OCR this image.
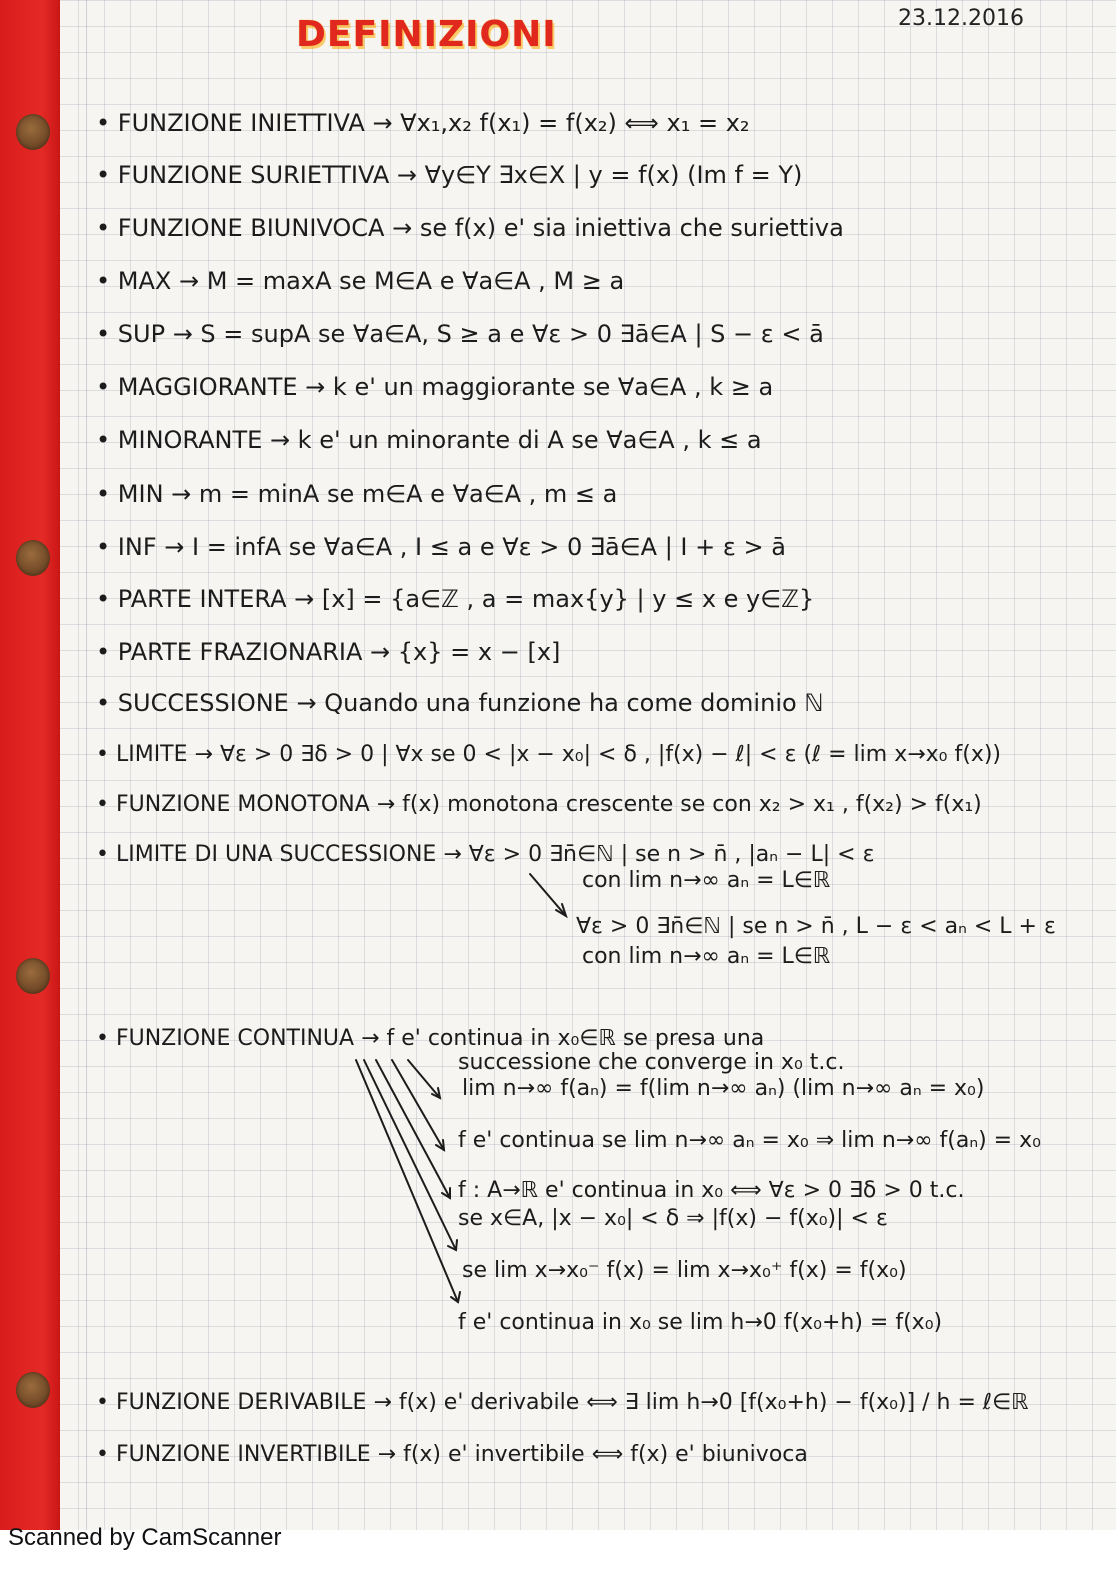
DEFINIZIONI	23.12.2016
• FUNZIONE INIETTIVA → ∀x₁,x₂ f(x₁) = f(x₂) ⟺ x₁ = x₂
• FUNZIONE SURIETTIVA → ∀y∈Y ∃x∈X | y = f(x) (Im f = Y)
• FUNZIONE BIUNIVOCA → se f(x) e' sia iniettiva che suriettiva
• MAX → M = maxA se M∈A e ∀a∈A , M ≥ a
• SUP → S = supA se ∀a∈A, S ≥ a e ∀ε > 0 ∃ā∈A | S − ε < ā
• MAGGIORANTE → k e' un maggiorante se ∀a∈A , k ≥ a
• MINORANTE → k e' un minorante di A se ∀a∈A , k ≤ a
• MIN → m = minA se m∈A e ∀a∈A , m ≤ a
• INF → I = infA se ∀a∈A , I ≤ a e ∀ε > 0 ∃ā∈A | I + ε > ā
• PARTE INTERA → [x] = {a∈ℤ , a = max{y} | y ≤ x e y∈ℤ}
• PARTE FRAZIONARIA → {x} = x − [x]
• SUCCESSIONE → Quando una funzione ha come dominio ℕ
• LIMITE → ∀ε > 0 ∃δ > 0 | ∀x se 0 < |x − x₀| < δ , |f(x) − ℓ| < ε (ℓ = lim x→x₀ f(x))
• FUNZIONE MONOTONA → f(x) monotona crescente se con x₂ > x₁ , f(x₂) > f(x₁)
• LIMITE DI UNA SUCCESSIONE → ∀ε > 0 ∃n̄∈ℕ | se n > n̄ , |aₙ − L| < ε
con lim n→∞ aₙ = L∈ℝ
∀ε > 0 ∃n̄∈ℕ | se n > n̄ , L − ε < aₙ < L + ε
con lim n→∞ aₙ = L∈ℝ
• FUNZIONE CONTINUA → f e' continua in x₀∈ℝ se presa una
successione che converge in x₀ t.c.
lim n→∞ f(aₙ) = f(lim n→∞ aₙ) (lim n→∞ aₙ = x₀)
f e' continua se lim n→∞ aₙ = x₀ ⇒ lim n→∞ f(aₙ) = x₀
f : A→ℝ e' continua in x₀ ⟺ ∀ε > 0 ∃δ > 0 t.c.
se x∈A, |x − x₀| < δ ⇒ |f(x) − f(x₀)| < ε
se lim x→x₀⁻ f(x) = lim x→x₀⁺ f(x) = f(x₀)
f e' continua in x₀ se lim h→0 f(x₀+h) = f(x₀)
• FUNZIONE DERIVABILE → f(x) e' derivabile ⟺ ∃ lim h→0 [f(x₀+h) − f(x₀)] / h = ℓ∈ℝ
• FUNZIONE INVERTIBILE → f(x) e' invertibile ⟺ f(x) e' biunivoca
Scanned by CamScanner
